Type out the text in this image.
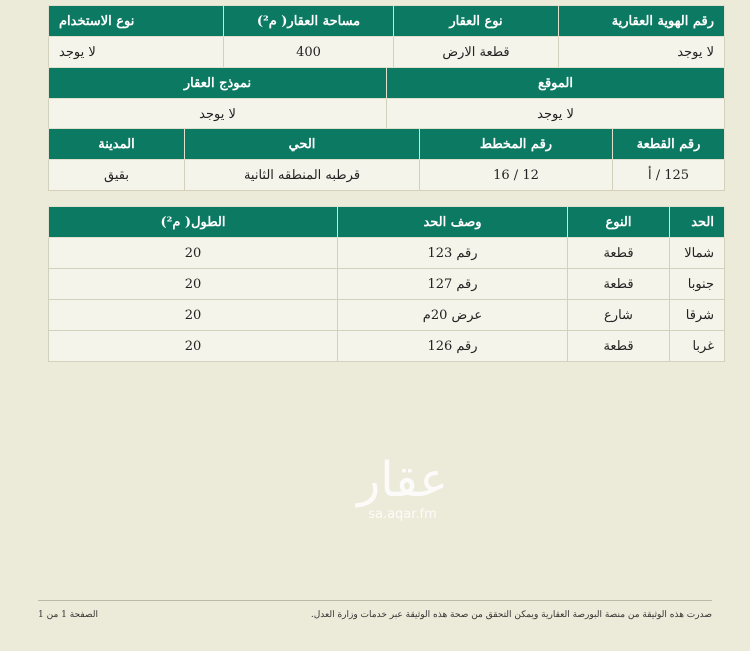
رقم الهوية العقارية	نوع العقار	مساحة العقار( م²)	نوع الاستخدام
لا يوجد	قطعة الارض	400	لا يوجد
الموقع	نموذج العقار
لا يوجد	لا يوجد
رقم القطعة	رقم المخطط	الحي	المدينة
125 / أ	12 / 16	قرطبه المنطقه الثانية	بقيق
الحد	النوع	وصف الحد	الطول( م²)
شمالا	قطعة	رقم 123	20
جنوبا	قطعة	رقم 127	20
شرقا	شارع	عرض 20م	20
غربا	قطعة	رقم 126	20
عقار
sa.aqar.fm
صدرت هذه الوثيقة من منصة البورصة العقارية ويمكن التحقق من صحة هذه الوثيقة عبر خدمات وزارة العدل.
الصفحة 1 من 1
